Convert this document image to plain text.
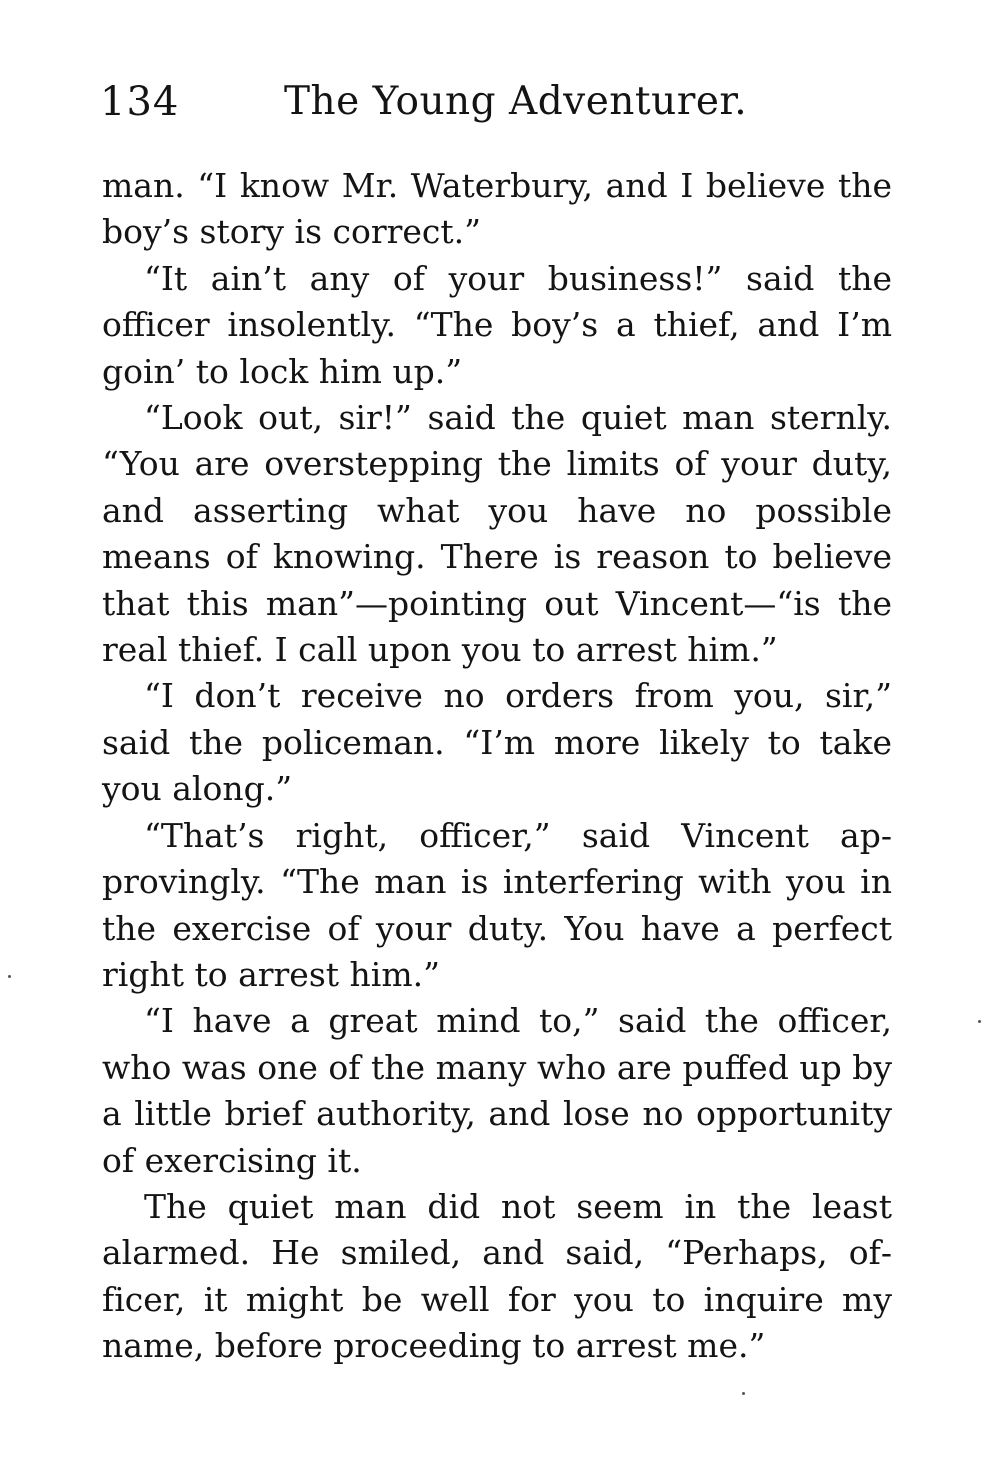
134	The Young Adventurer.

man. “I know Mr. Waterbury, and I believe the boy’s story is correct.”

“It ain’t any of your business!” said the officer insolently. “The boy’s a thief, and I’m goin’ to lock him up.”

“Look out, sir!” said the quiet man sternly. “You are overstepping the limits of your duty, and asserting what you have no possible means of knowing. There is reason to believe that this man”—pointing out Vincent—“is the real thief. I call upon you to arrest him.”

“I don’t receive no orders from you, sir,” said the policeman. “I’m more likely to take you along.”

“That’s right, officer,” said Vincent approvingly. “The man is interfering with you in the exercise of your duty. You have a perfect right to arrest him.”

“I have a great mind to,” said the officer, who was one of the many who are puffed up by a little brief authority, and lose no opportunity of exercising it.

The quiet man did not seem in the least alarmed. He smiled, and said, “Perhaps, officer, it might be well for you to inquire my name, before proceeding to arrest me.”
